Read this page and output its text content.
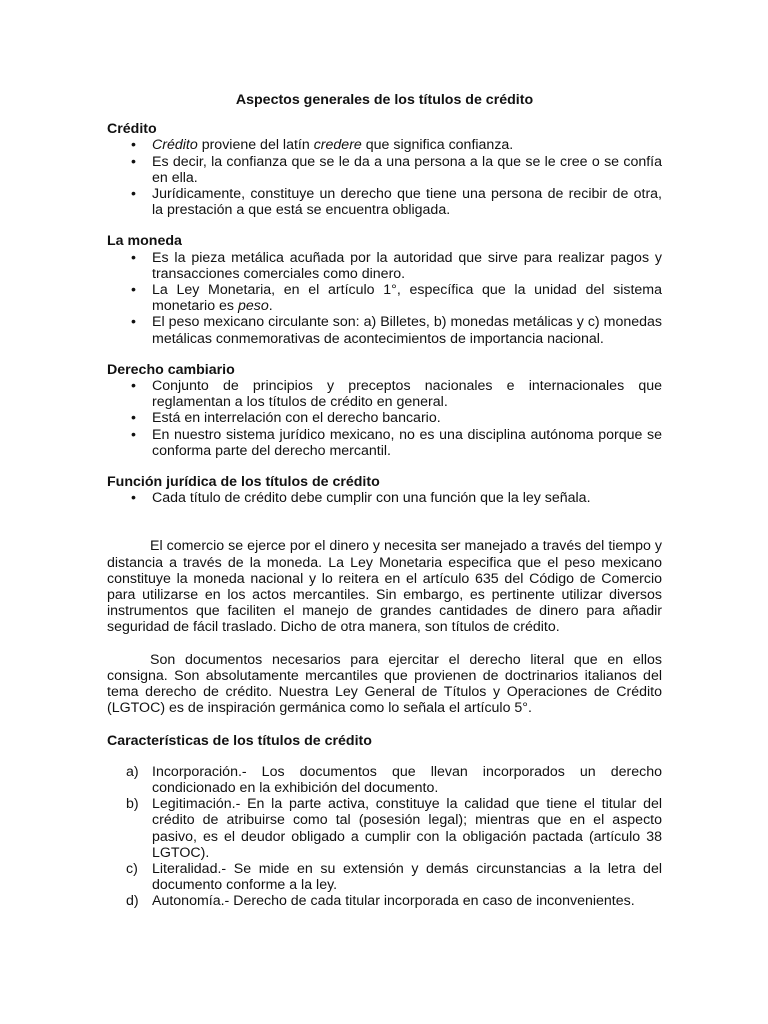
Aspectos generales de los títulos de crédito
Crédito
• Crédito proviene del latín credere que significa confianza.
• Es decir, la confianza que se le da a una persona a la que se le cree o se confía en ella.
• Jurídicamente, constituye un derecho que tiene una persona de recibir de otra, la prestación a que está se encuentra obligada.
La moneda
• Es la pieza metálica acuñada por la autoridad que sirve para realizar pagos y transacciones comerciales como dinero.
• La Ley Monetaria, en el artículo 1°, específica que la unidad del sistema monetario es peso.
• El peso mexicano circulante son: a) Billetes, b) monedas metálicas y c) monedas metálicas conmemorativas de acontecimientos de importancia nacional.
Derecho cambiario
• Conjunto de principios y preceptos nacionales e internacionales que reglamentan a los títulos de crédito en general.
• Está en interrelación con el derecho bancario.
• En nuestro sistema jurídico mexicano, no es una disciplina autónoma porque se conforma parte del derecho mercantil.
Función jurídica de los títulos de crédito
• Cada título de crédito debe cumplir con una función que la ley señala.

El comercio se ejerce por el dinero y necesita ser manejado a través del tiempo y distancia a través de la moneda. La Ley Monetaria especifica que el peso mexicano constituye la moneda nacional y lo reitera en el artículo 635 del Código de Comercio para utilizarse en los actos mercantiles. Sin embargo, es pertinente utilizar diversos instrumentos que faciliten el manejo de grandes cantidades de dinero para añadir seguridad de fácil traslado. Dicho de otra manera, son títulos de crédito.

Son documentos necesarios para ejercitar el derecho literal que en ellos consigna. Son absolutamente mercantiles que provienen de doctrinarios italianos del tema derecho de crédito. Nuestra Ley General de Títulos y Operaciones de Crédito (LGTOC) es de inspiración germánica como lo señala el artículo 5°.

Características de los títulos de crédito
a) Incorporación.- Los documentos que llevan incorporados un derecho condicionado en la exhibición del documento.
b) Legitimación.- En la parte activa, constituye la calidad que tiene el titular del crédito de atribuirse como tal (posesión legal); mientras que en el aspecto pasivo, es el deudor obligado a cumplir con la obligación pactada (artículo 38 LGTOC).
c) Literalidad.- Se mide en su extensión y demás circunstancias a la letra del documento conforme a la ley.
d) Autonomía.- Derecho de cada titular incorporada en caso de inconvenientes.
